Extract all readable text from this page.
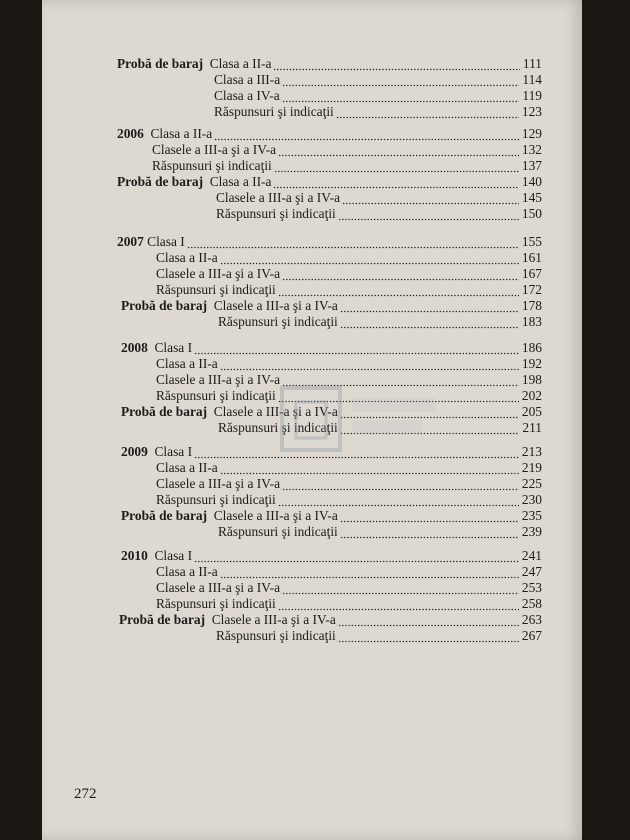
Probă de baraj Clasa a II-a	111
Clasa a III-a	114
Clasa a IV-a	119
Răspunsuri şi indicaţii	123
2006 Clasa a II-a	129
Clasele a III-a şi a IV-a	132
Răspunsuri şi indicaţii	137
Probă de baraj Clasa a II-a	140
Clasele a III-a şi a IV-a	145
Răspunsuri şi indicaţii	150
2007 Clasa I	155
Clasa a II-a	161
Clasele a III-a şi a IV-a	167
Răspunsuri şi indicaţii	172
Probă de baraj Clasele a III-a şi a IV-a	178
Răspunsuri şi indicaţii	183
2008 Clasa I	186
Clasa a II-a	192
Clasele a III-a şi a IV-a	198
Răspunsuri şi indicaţii	202
Probă de baraj Clasele a III-a şi a IV-a	205
Răspunsuri şi indicaţii	211
2009 Clasa I	213
Clasa a II-a	219
Clasele a III-a şi a IV-a	225
Răspunsuri şi indicaţii	230
Probă de baraj Clasele a III-a şi a IV-a	235
Răspunsuri şi indicaţii	239
2010 Clasa I	241
Clasa a II-a	247
Clasele a III-a şi a IV-a	253
Răspunsuri şi indicaţii	258
Probă de baraj Clasele a III-a şi a IV-a	263
Răspunsuri şi indicaţii	267
272
